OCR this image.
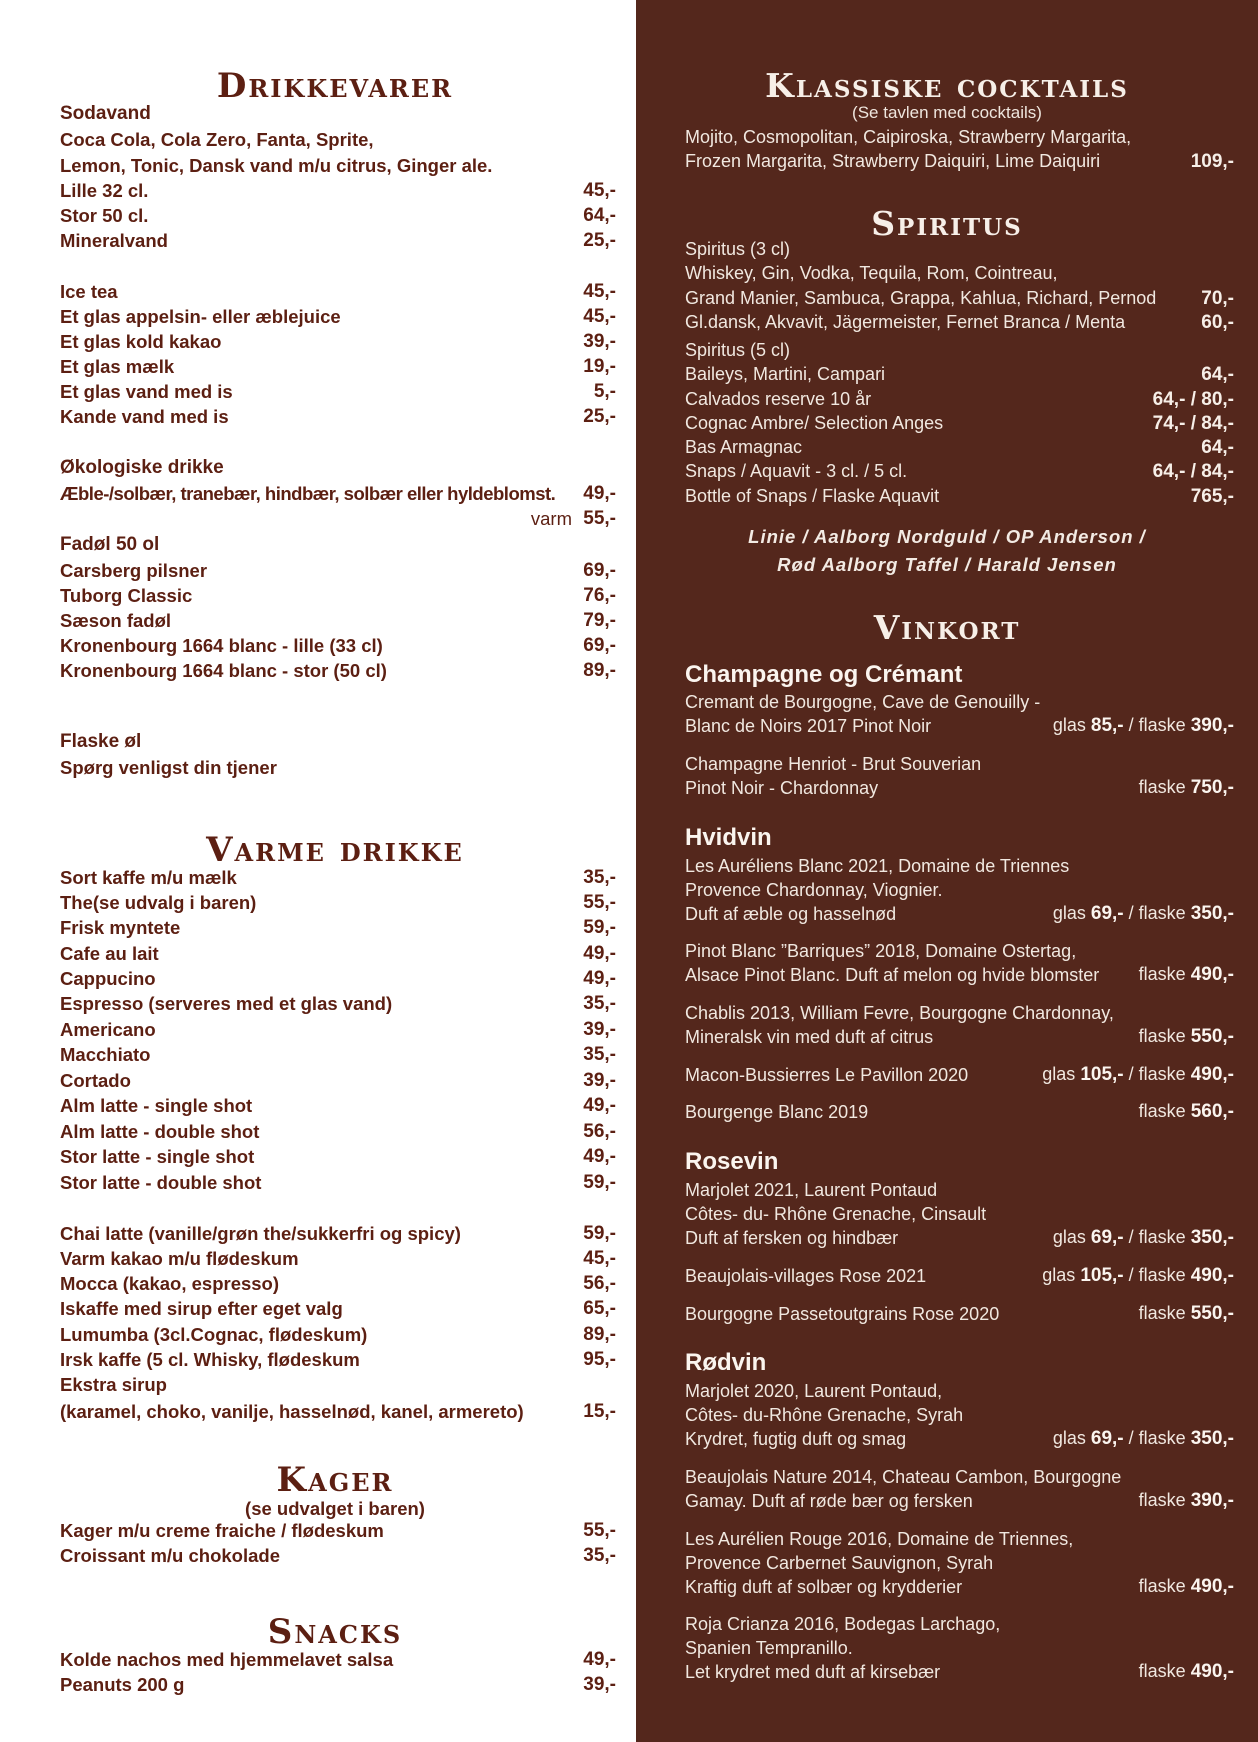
Drikkevarer
Sodavand
Coca Cola, Cola Zero, Fanta, Sprite,
Lemon, Tonic, Dansk vand m/u citrus, Ginger ale.
Lille 32 cl.	45,-
Stor 50 cl.	64,-
Mineralvand	25,-
Ice tea	45,-
Et glas appelsin- eller æblejuice	45,-
Et glas kold kakao	39,-
Et glas mælk	19,-
Et glas vand med is	5,-
Kande vand med is	25,-
Økologiske drikke
Æble-/solbær, tranebær, hindbær, solbær eller hyldeblomst.	49,-
varm 55,-
Fadøl 50 ol
Carsberg pilsner	69,-
Tuborg Classic	76,-
Sæson fadøl	79,-
Kronenbourg 1664 blanc - lille (33 cl)	69,-
Kronenbourg 1664 blanc - stor (50 cl)	89,-
Flaske øl
Spørg venligst din tjener
Varme drikke
Sort kaffe m/u mælk	35,-
The(se udvalg i baren)	55,-
Frisk myntete	59,-
Cafe au lait	49,-
Cappucino	49,-
Espresso (serveres med et glas vand)	35,-
Americano	39,-
Macchiato	35,-
Cortado	39,-
Alm latte - single shot	49,-
Alm latte - double shot	56,-
Stor latte - single shot	49,-
Stor latte - double shot	59,-
Chai latte (vanille/grøn the/sukkerfri og spicy)	59,-
Varm kakao m/u flødeskum	45,-
Mocca (kakao, espresso)	56,-
Iskaffe med sirup efter eget valg	65,-
Lumumba (3cl.Cognac, flødeskum)	89,-
Irsk kaffe (5 cl. Whisky, flødeskum	95,-
Ekstra sirup
(karamel, choko, vanilje, hasselnød, kanel, armereto)	15,-
Kager
(se udvalget i baren)
Kager m/u creme fraiche / flødeskum	55,-
Croissant m/u chokolade	35,-
Snacks
Kolde nachos med hjemmelavet salsa	49,-
Peanuts 200 g	39,-
Klassiske cocktails
(Se tavlen med cocktails)
Mojito, Cosmopolitan, Caipiroska, Strawberry Margarita,
Frozen Margarita, Strawberry Daiquiri, Lime Daiquiri	109,-
Spiritus
Spiritus (3 cl)
Whiskey, Gin, Vodka, Tequila, Rom, Cointreau,
Grand Manier, Sambuca, Grappa, Kahlua, Richard, Pernod	70,-
Gl.dansk, Akvavit, Jägermeister, Fernet Branca / Menta	60,-
Spiritus (5 cl)
Baileys, Martini, Campari	64,-
Calvados reserve 10 år	64,- / 80,-
Cognac Ambre/ Selection Anges	74,- / 84,-
Bas Armagnac	64,-
Snaps / Aquavit - 3 cl. / 5 cl.	64,- / 84,-
Bottle of Snaps / Flaske Aquavit	765,-
Linie / Aalborg Nordguld / OP Anderson /
Rød Aalborg Taffel / Harald Jensen
Vinkort
Champagne og Crémant
Cremant de Bourgogne, Cave de Genouilly -
Blanc de Noirs 2017 Pinot Noir	glas 85,- / flaske 390,-
Champagne Henriot - Brut Souverian
Pinot Noir - Chardonnay	flaske 750,-
Hvidvin
Les Auréliens Blanc 2021, Domaine de Triennes
Provence Chardonnay, Viognier.
Duft af æble og hasselnød	glas 69,- / flaske 350,-
Pinot Blanc ”Barriques” 2018, Domaine Ostertag,
Alsace Pinot Blanc. Duft af melon og hvide blomster	flaske 490,-
Chablis 2013, William Fevre, Bourgogne Chardonnay,
Mineralsk vin med duft af citrus	flaske 550,-
Macon-Bussierres Le Pavillon 2020	glas 105,- / flaske 490,-
Bourgenge Blanc 2019	flaske 560,-
Rosevin
Marjolet 2021, Laurent Pontaud
Côtes- du- Rhône Grenache, Cinsault
Duft af fersken og hindbær	glas 69,- / flaske 350,-
Beaujolais-villages Rose 2021	glas 105,- / flaske 490,-
Bourgogne Passetoutgrains Rose 2020	flaske 550,-
Rødvin
Marjolet 2020, Laurent Pontaud,
Côtes- du-Rhône Grenache, Syrah
Krydret, fugtig duft og smag	glas 69,- / flaske 350,-
Beaujolais Nature 2014, Chateau Cambon, Bourgogne
Gamay. Duft af røde bær og fersken	flaske 390,-
Les Aurélien Rouge 2016, Domaine de Triennes,
Provence Carbernet Sauvignon, Syrah
Kraftig duft af solbær og krydderier	flaske 490,-
Roja Crianza 2016, Bodegas Larchago,
Spanien Tempranillo.
Let krydret med duft af kirsebær	flaske 490,-
